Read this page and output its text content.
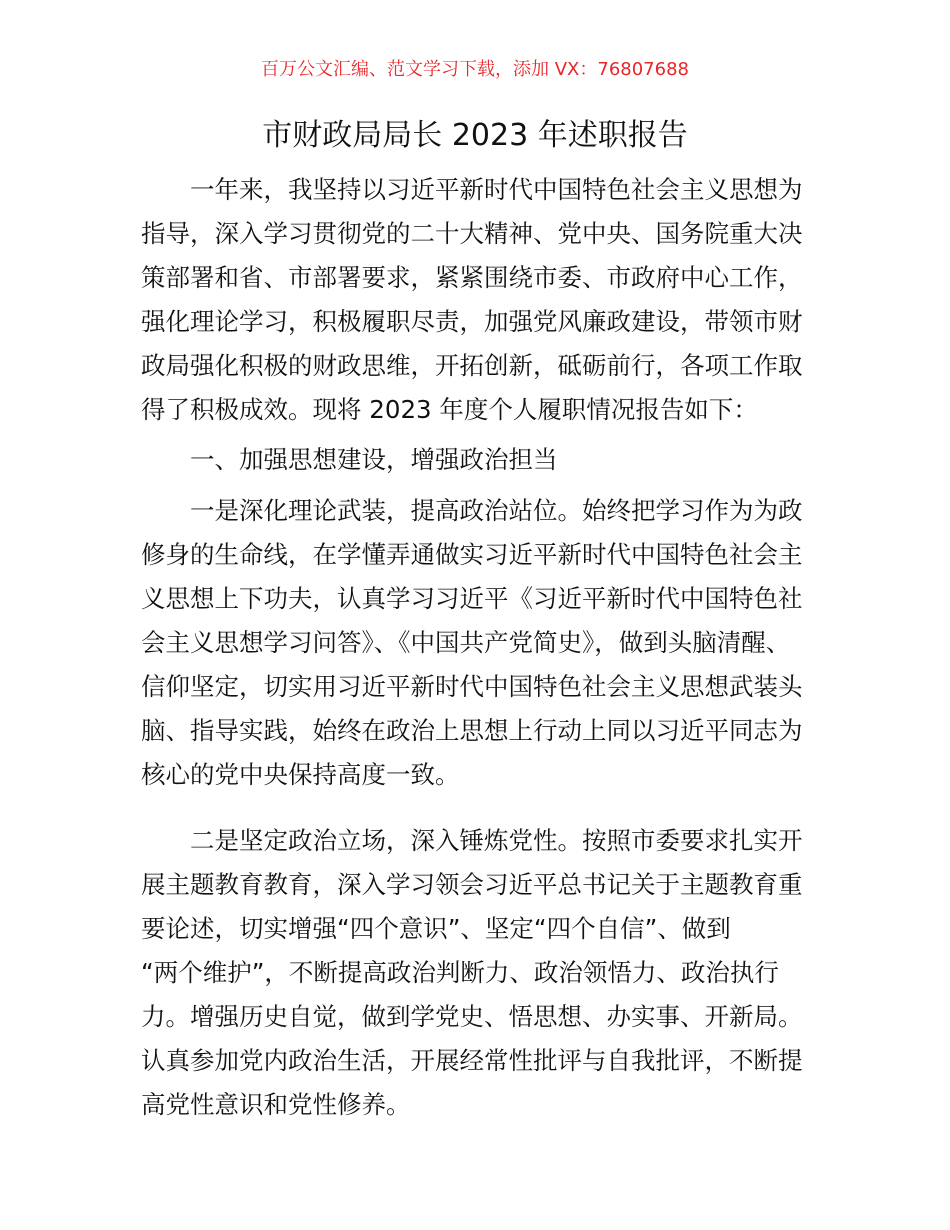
百万公文汇编、范文学习下载，添加 VX：76807688
市财政局局长 2023 年述职报告
一年来，我坚持以习近平新时代中国特色社会主义思想为
指导，深入学习贯彻党的二十大精神、党中央、国务院重大决
策部署和省、市部署要求，紧紧围绕市委、市政府中心工作，
强化理论学习，积极履职尽责，加强党风廉政建设，带领市财
政局强化积极的财政思维，开拓创新，砥砺前行，各项工作取
得了积极成效。现将 2023 年度个人履职情况报告如下：
一、加强思想建设，增强政治担当
一是深化理论武装，提高政治站位。始终把学习作为为政
修身的生命线，在学懂弄通做实习近平新时代中国特色社会主
义思想上下功夫，认真学习习近平《习近平新时代中国特色社
会主义思想学习问答》、《中国共产党简史》，做到头脑清醒、
信仰坚定，切实用习近平新时代中国特色社会主义思想武装头
脑、指导实践，始终在政治上思想上行动上同以习近平同志为
核心的党中央保持高度一致。
二是坚定政治立场，深入锤炼党性。按照市委要求扎实开
展主题教育教育，深入学习领会习近平总书记关于主题教育重
要论述，切实增强“四个意识”、坚定“四个自信”、做到
“两个维护”，不断提高政治判断力、政治领悟力、政治执行
力。增强历史自觉，做到学党史、悟思想、办实事、开新局。
认真参加党内政治生活，开展经常性批评与自我批评，不断提
高党性意识和党性修养。
